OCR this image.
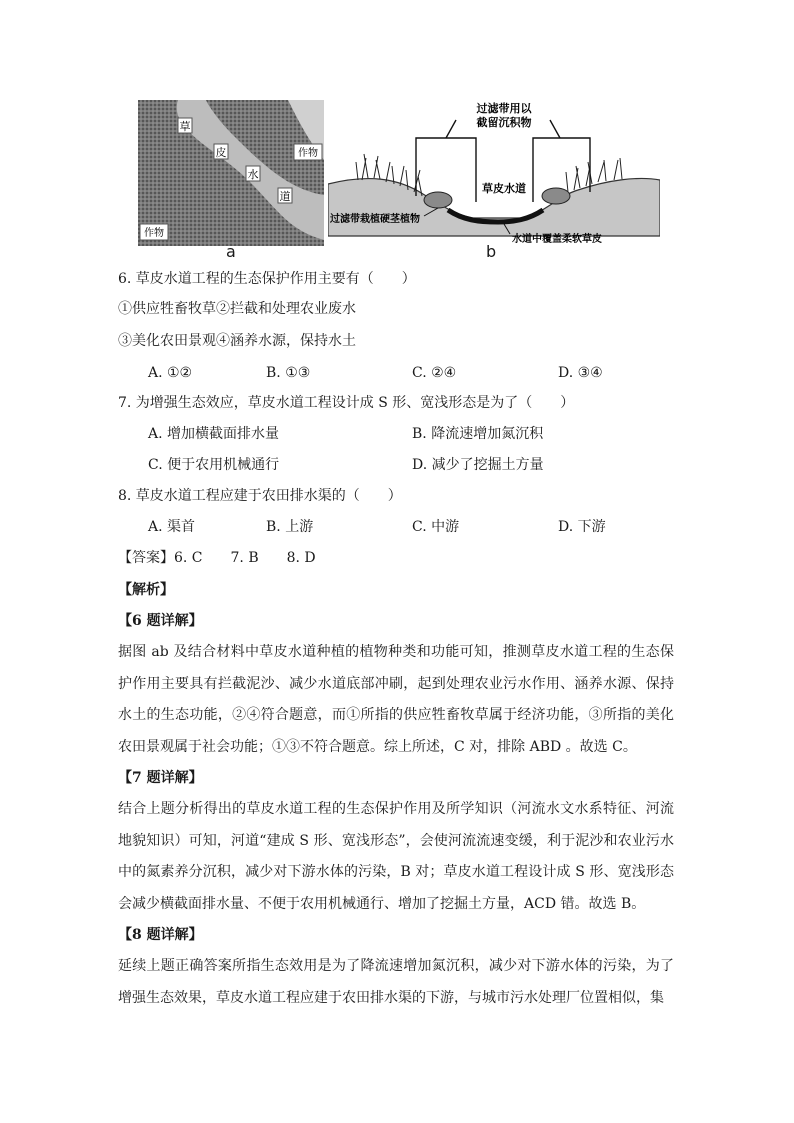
草
皮
水
道
作物
作物
a
过滤带用以
截留沉积物
草皮水道
过滤带栽植硬茎植物
水道中覆盖柔软草皮
b
6. 草皮水道工程的生态保护作用主要有（　　）
①供应牲畜牧草②拦截和处理农业废水
③美化农田景观④涵养水源，保持水土
A. ①②	B. ①③	C. ②④	D. ③④
7. 为增强生态效应，草皮水道工程设计成 S 形、宽浅形态是为了（　　）
A. 增加横截面排水量	B. 降流速增加氮沉积
C. 便于农用机械通行	D. 减少了挖掘土方量
8. 草皮水道工程应建于农田排水渠的（　　）
A. 渠首	B. 上游	C. 中游	D. 下游
【答案】6. C　　7. B　　8. D
【解析】
【6 题详解】
据图 ab 及结合材料中草皮水道种植的植物种类和功能可知，推测草皮水道工程的生态保护作用主要具有拦截泥沙、减少水道底部冲刷，起到处理农业污水作用、涵养水源、保持水土的生态功能，②④符合题意，而①所指的供应牲畜牧草属于经济功能，③所指的美化农田景观属于社会功能；①③不符合题意。综上所述，C 对，排除 ABD 。故选 C。
【7 题详解】
结合上题分析得出的草皮水道工程的生态保护作用及所学知识（河流水文水系特征、河流地貌知识）可知，河道“建成 S 形、宽浅形态”，会使河流流速变缓，利于泥沙和农业污水中的氮素养分沉积，减少对下游水体的污染，B 对；草皮水道工程设计成 S 形、宽浅形态会减少横截面排水量、不便于农用机械通行、增加了挖掘土方量，ACD 错。故选 B。
【8 题详解】
延续上题正确答案所指生态效用是为了降流速增加氮沉积，减少对下游水体的污染，为了增强生态效果，草皮水道工程应建于农田排水渠的下游，与城市污水处理厂位置相似，集
